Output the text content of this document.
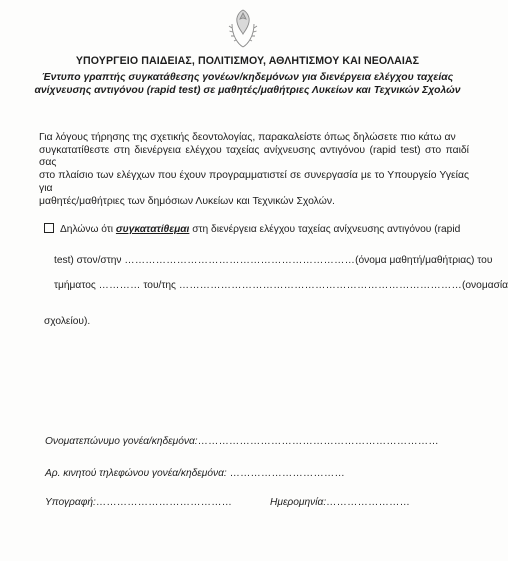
ΥΠΟΥΡΓΕΙΟ ΠΑΙΔΕΙΑΣ, ΠΟΛΙΤΙΣΜΟΥ, ΑΘΛΗΤΙΣΜΟΥ ΚΑΙ ΝΕΟΛΑΙΑΣ
Έντυπο γραπτής συγκατάθεσης γονέων/κηδεμόνων για διενέργεια ελέγχου ταχείας
ανίχνευσης αντιγόνου (rapid test) σε μαθητές/μαθήτριες Λυκείων και Τεχνικών Σχολών
Για λόγους τήρησης της σχετικής δεοντολογίας, παρακαλείστε όπως δηλώσετε πιο κάτω αν
συγκατατίθεστε στη διενέργεια ελέγχου ταχείας ανίχνευσης αντιγόνου (rapid test) στο παιδί σας
στο πλαίσιο των ελέγχων που έχουν προγραμματιστεί σε συνεργασία με το Υπουργείο Υγείας για
μαθητές/μαθήτριες των δημόσιων Λυκείων και Τεχνικών Σχολών.
Δηλώνω ότι συγκατατίθεμαι στη διενέργεια ελέγχου ταχείας ανίχνευσης αντιγόνου (rapid
test) στον/στην …………………………………………………………(όνομα μαθητή/μαθήτριας) του
τμήματος ………… του/της ………………………………………………………………………(ονομασία
σχολείου).
Ονοματεπώνυμο γονέα/κηδεμόνα:……………………………………………………………
Αρ. κινητού τηλεφώνου γονέα/κηδεμόνα: ……………………………
Υπογραφή:…………………………………	Ημερομηνία:……………………
